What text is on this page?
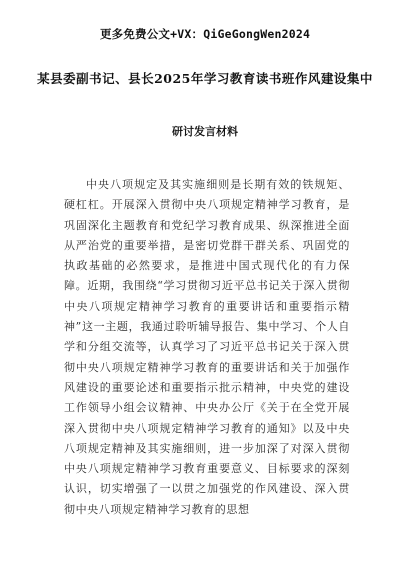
更多免费公文+VX：QiGeGongWen2024
某县委副书记、县长2025年学习教育读书班作风建设集中
研讨发言材料
中央八项规定及其实施细则是长期有效的铁规矩、硬杠杠。开展深入贯彻中央八项规定精神学习教育，是巩固深化主题教育和党纪学习教育成果、纵深推进全面从严治党的重要举措，是密切党群干群关系、巩固党的执政基础的必然要求，是推进中国式现代化的有力保障。近期，我围绕“学习贯彻习近平总书记关于深入贯彻中央八项规定精神学习教育的重要讲话和重要指示精神”这一主题，我通过聆听辅导报告、集中学习、个人自学和分组交流等，认真学习了习近平总书记关于深入贯彻中央八项规定精神学习教育的重要讲话和关于加强作风建设的重要论述和重要指示批示精神，中央党的建设工作领导小组会议精神、中央办公厅《关于在全党开展深入贯彻中央八项规定精神学习教育的通知》以及中央八项规定精神及其实施细则，进一步加深了对深入贯彻中央八项规定精神学习教育重要意义、目标要求的深刻认识，切实增强了一以贯之加强党的作风建设、深入贯彻中央八项规定精神学习教育的思想
